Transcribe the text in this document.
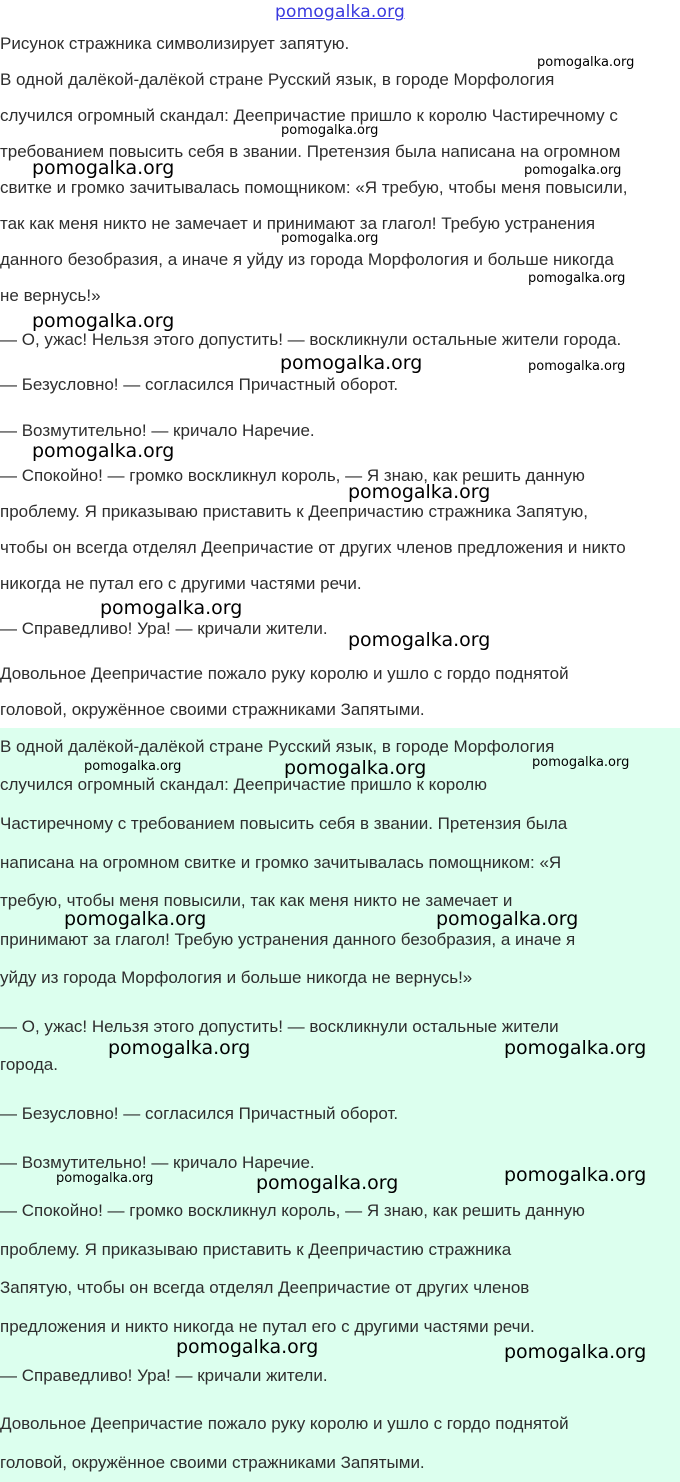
pomogalka.org
Рисунок стражника символизирует запятую.
В одной далёкой-далёкой стране Русский язык, в городе Морфология
случился огромный скандал: Деепричастие пришло к королю Частиречному с
требованием повысить себя в звании. Претензия была написана на огромном
свитке и громко зачитывалась помощником: «Я требую, чтобы меня повысили,
так как меня никто не замечает и принимают за глагол! Требую устранения
данного безобразия, а иначе я уйду из города Морфология и больше никогда
не вернусь!»
— О, ужас! Нельзя этого допустить! — воскликнули остальные жители города.
— Безусловно! — согласился Причастный оборот.
— Возмутительно! — кричало Наречие.
— Спокойно! — громко воскликнул король, — Я знаю, как решить данную
проблему. Я приказываю приставить к Деепричастию стражника Запятую,
чтобы он всегда отделял Деепричастие от других членов предложения и никто
никогда не путал его с другими частями речи.
— Справедливо! Ура! — кричали жители.
Довольное Деепричастие пожало руку королю и ушло с гордо поднятой
головой, окружённое своими стражниками Запятыми.
В одной далёкой-далёкой стране Русский язык, в городе Морфология
случился огромный скандал: Деепричастие пришло к королю
Частиречному с требованием повысить себя в звании. Претензия была
написана на огромном свитке и громко зачитывалась помощником: «Я
требую, чтобы меня повысили, так как меня никто не замечает и
принимают за глагол! Требую устранения данного безобразия, а иначе я
уйду из города Морфология и больше никогда не вернусь!»
— О, ужас! Нельзя этого допустить! — воскликнули остальные жители
города.
— Безусловно! — согласился Причастный оборот.
— Возмутительно! — кричало Наречие.
— Спокойно! — громко воскликнул король, — Я знаю, как решить данную
проблему. Я приказываю приставить к Деепричастию стражника
Запятую, чтобы он всегда отделял Деепричастие от других членов
предложения и никто никогда не путал его с другими частями речи.
— Справедливо! Ура! — кричали жители.
Довольное Деепричастие пожало руку королю и ушло с гордо поднятой
головой, окружённое своими стражниками Запятыми.
pomogalka.org
pomogalka.org
pomogalka.org	pomogalka.org
pomogalka.org
pomogalka.org
pomogalka.org
pomogalka.org	pomogalka.org
pomogalka.org
pomogalka.org
pomogalka.org
pomogalka.org
pomogalka.org	pomogalka.org	pomogalka.org
pomogalka.org	pomogalka.org
pomogalka.org	pomogalka.org
pomogalka.org
pomogalka.org	pomogalka.org
pomogalka.org	pomogalka.org
